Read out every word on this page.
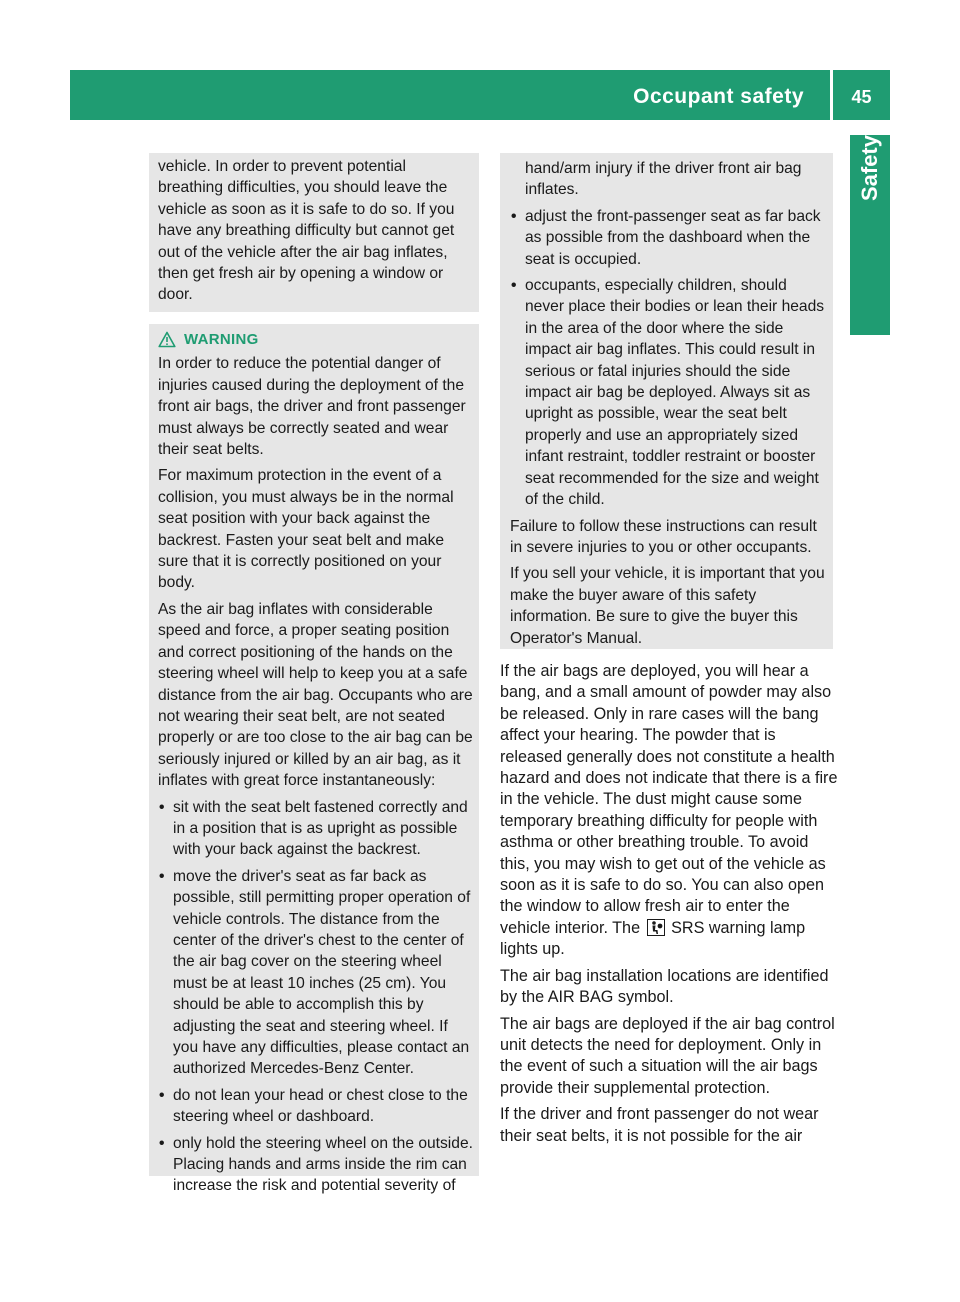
Occupant safety	45
Safety

vehicle. In order to prevent potential breathing difficulties, you should leave the vehicle as soon as it is safe to do so. If you have any breathing difficulty but cannot get out of the vehicle after the air bag inflates, then get fresh air by opening a window or door.

WARNING

In order to reduce the potential danger of injuries caused during the deployment of the front air bags, the driver and front passenger must always be correctly seated and wear their seat belts.

For maximum protection in the event of a collision, you must always be in the normal seat position with your back against the backrest. Fasten your seat belt and make sure that it is correctly positioned on your body.

As the air bag inflates with considerable speed and force, a proper seating position and correct positioning of the hands on the steering wheel will help to keep you at a safe distance from the air bag. Occupants who are not wearing their seat belt, are not seated properly or are too close to the air bag can be seriously injured or killed by an air bag, as it inflates with great force instantaneously:

• sit with the seat belt fastened correctly and in a position that is as upright as possible with your back against the backrest.
• move the driver's seat as far back as possible, still permitting proper operation of vehicle controls. The distance from the center of the driver's chest to the center of the air bag cover on the steering wheel must be at least 10 inches (25 cm). You should be able to accomplish this by adjusting the seat and steering wheel. If you have any difficulties, please contact an authorized Mercedes-Benz Center.
• do not lean your head or chest close to the steering wheel or dashboard.
• only hold the steering wheel on the outside. Placing hands and arms inside the rim can increase the risk and potential severity of

hand/arm injury if the driver front air bag inflates.

• adjust the front-passenger seat as far back as possible from the dashboard when the seat is occupied.
• occupants, especially children, should never place their bodies or lean their heads in the area of the door where the side impact air bag inflates. This could result in serious or fatal injuries should the side impact air bag be deployed. Always sit as upright as possible, wear the seat belt properly and use an appropriately sized infant restraint, toddler restraint or booster seat recommended for the size and weight of the child.

Failure to follow these instructions can result in severe injuries to you or other occupants.

If you sell your vehicle, it is important that you make the buyer aware of this safety information. Be sure to give the buyer this Operator's Manual.

If the air bags are deployed, you will hear a bang, and a small amount of powder may also be released. Only in rare cases will the bang affect your hearing. The powder that is released generally does not constitute a health hazard and does not indicate that there is a fire in the vehicle. The dust might cause some temporary breathing difficulty for people with asthma or other breathing trouble. To avoid this, you may wish to get out of the vehicle as soon as it is safe to do so. You can also open the window to allow fresh air to enter the vehicle interior. The SRS warning lamp lights up.

The air bag installation locations are identified by the AIR BAG symbol.

The air bags are deployed if the air bag control unit detects the need for deployment. Only in the event of such a situation will the air bags provide their supplemental protection.

If the driver and front passenger do not wear their seat belts, it is not possible for the air
